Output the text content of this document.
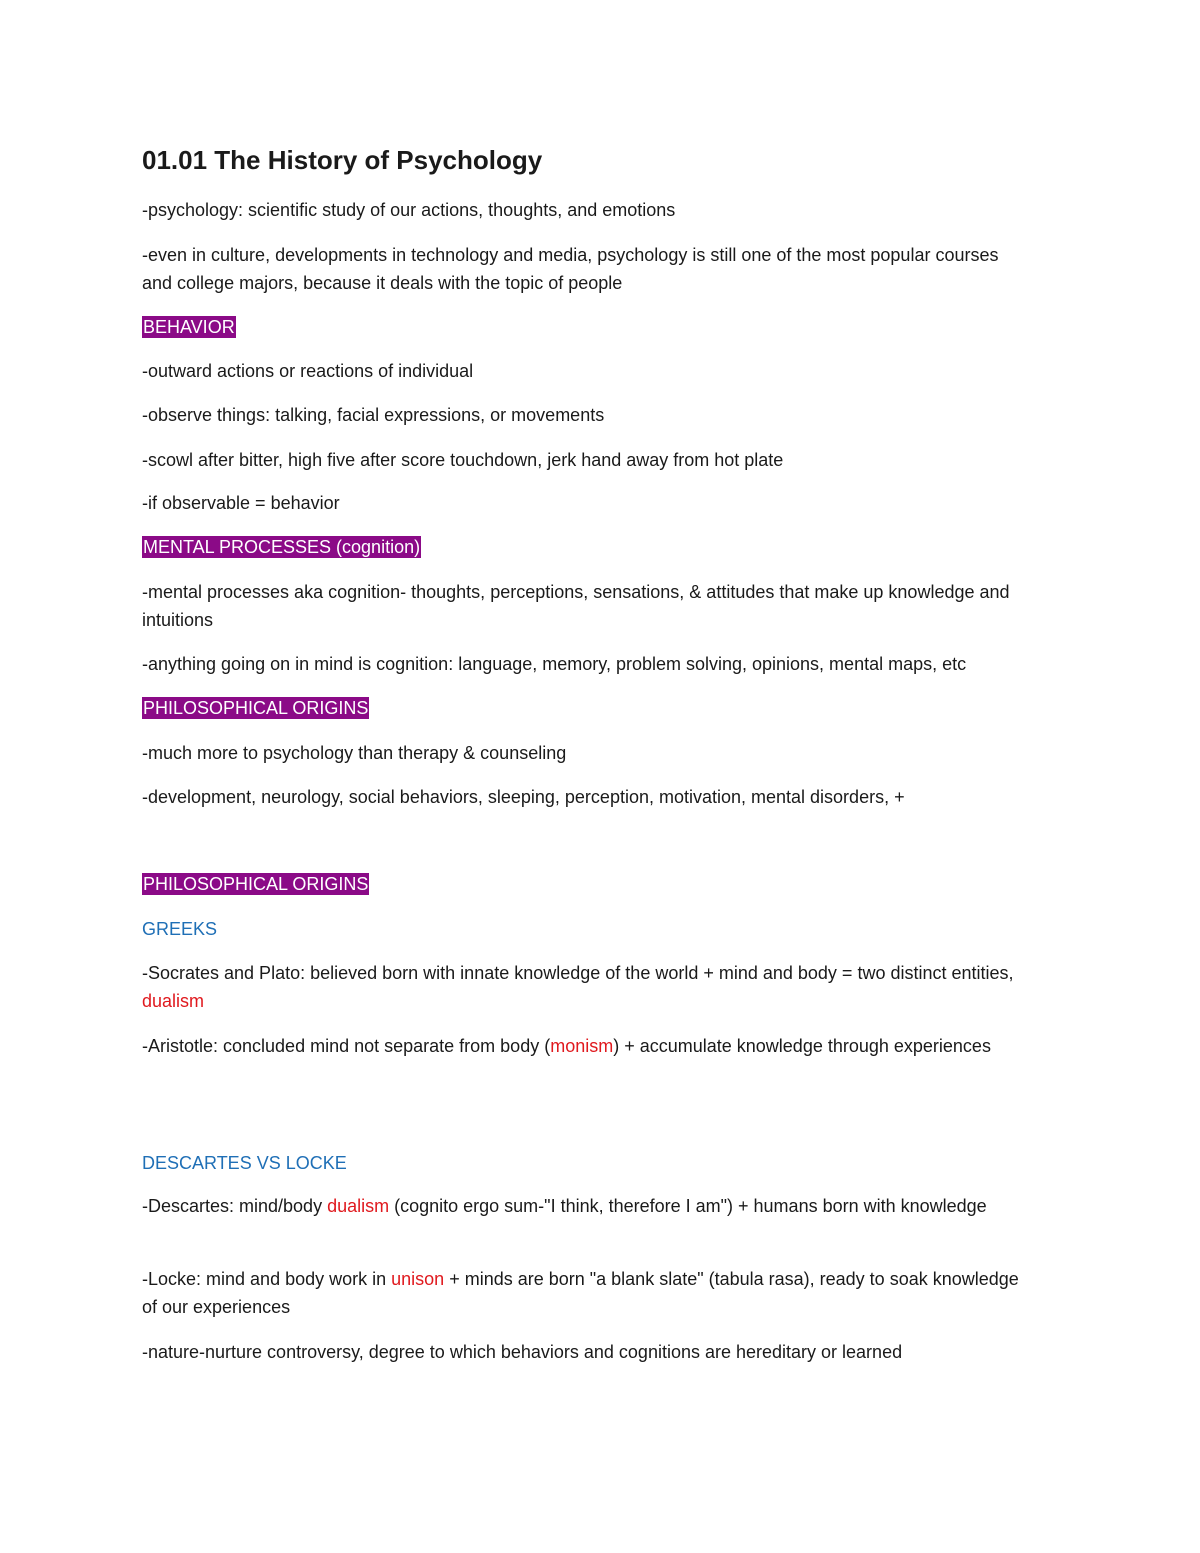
01.01 The History of Psychology

-psychology: scientific study of our actions, thoughts, and emotions

-even in culture, developments in technology and media, psychology is still one of the most popular courses and college majors, because it deals with the topic of people

BEHAVIOR

-outward actions or reactions of individual

-observe things: talking, facial expressions, or movements

-scowl after bitter, high five after score touchdown, jerk hand away from hot plate

-if observable = behavior

MENTAL PROCESSES (cognition)

-mental processes aka cognition- thoughts, perceptions, sensations, & attitudes that make up knowledge and intuitions

-anything going on in mind is cognition: language, memory, problem solving, opinions, mental maps, etc

PHILOSOPHICAL ORIGINS

-much more to psychology than therapy & counseling

-development, neurology, social behaviors, sleeping, perception, motivation, mental disorders, +

PHILOSOPHICAL ORIGINS

GREEKS

-Socrates and Plato: believed born with innate knowledge of the world + mind and body = two distinct entities, dualism

-Aristotle: concluded mind not separate from body (monism) + accumulate knowledge through experiences

DESCARTES VS LOCKE

-Descartes: mind/body dualism (cognito ergo sum-"I think, therefore I am") + humans born with knowledge

-Locke: mind and body work in unison + minds are born "a blank slate" (tabula rasa), ready to soak knowledge of our experiences

-nature-nurture controversy, degree to which behaviors and cognitions are hereditary or learned
